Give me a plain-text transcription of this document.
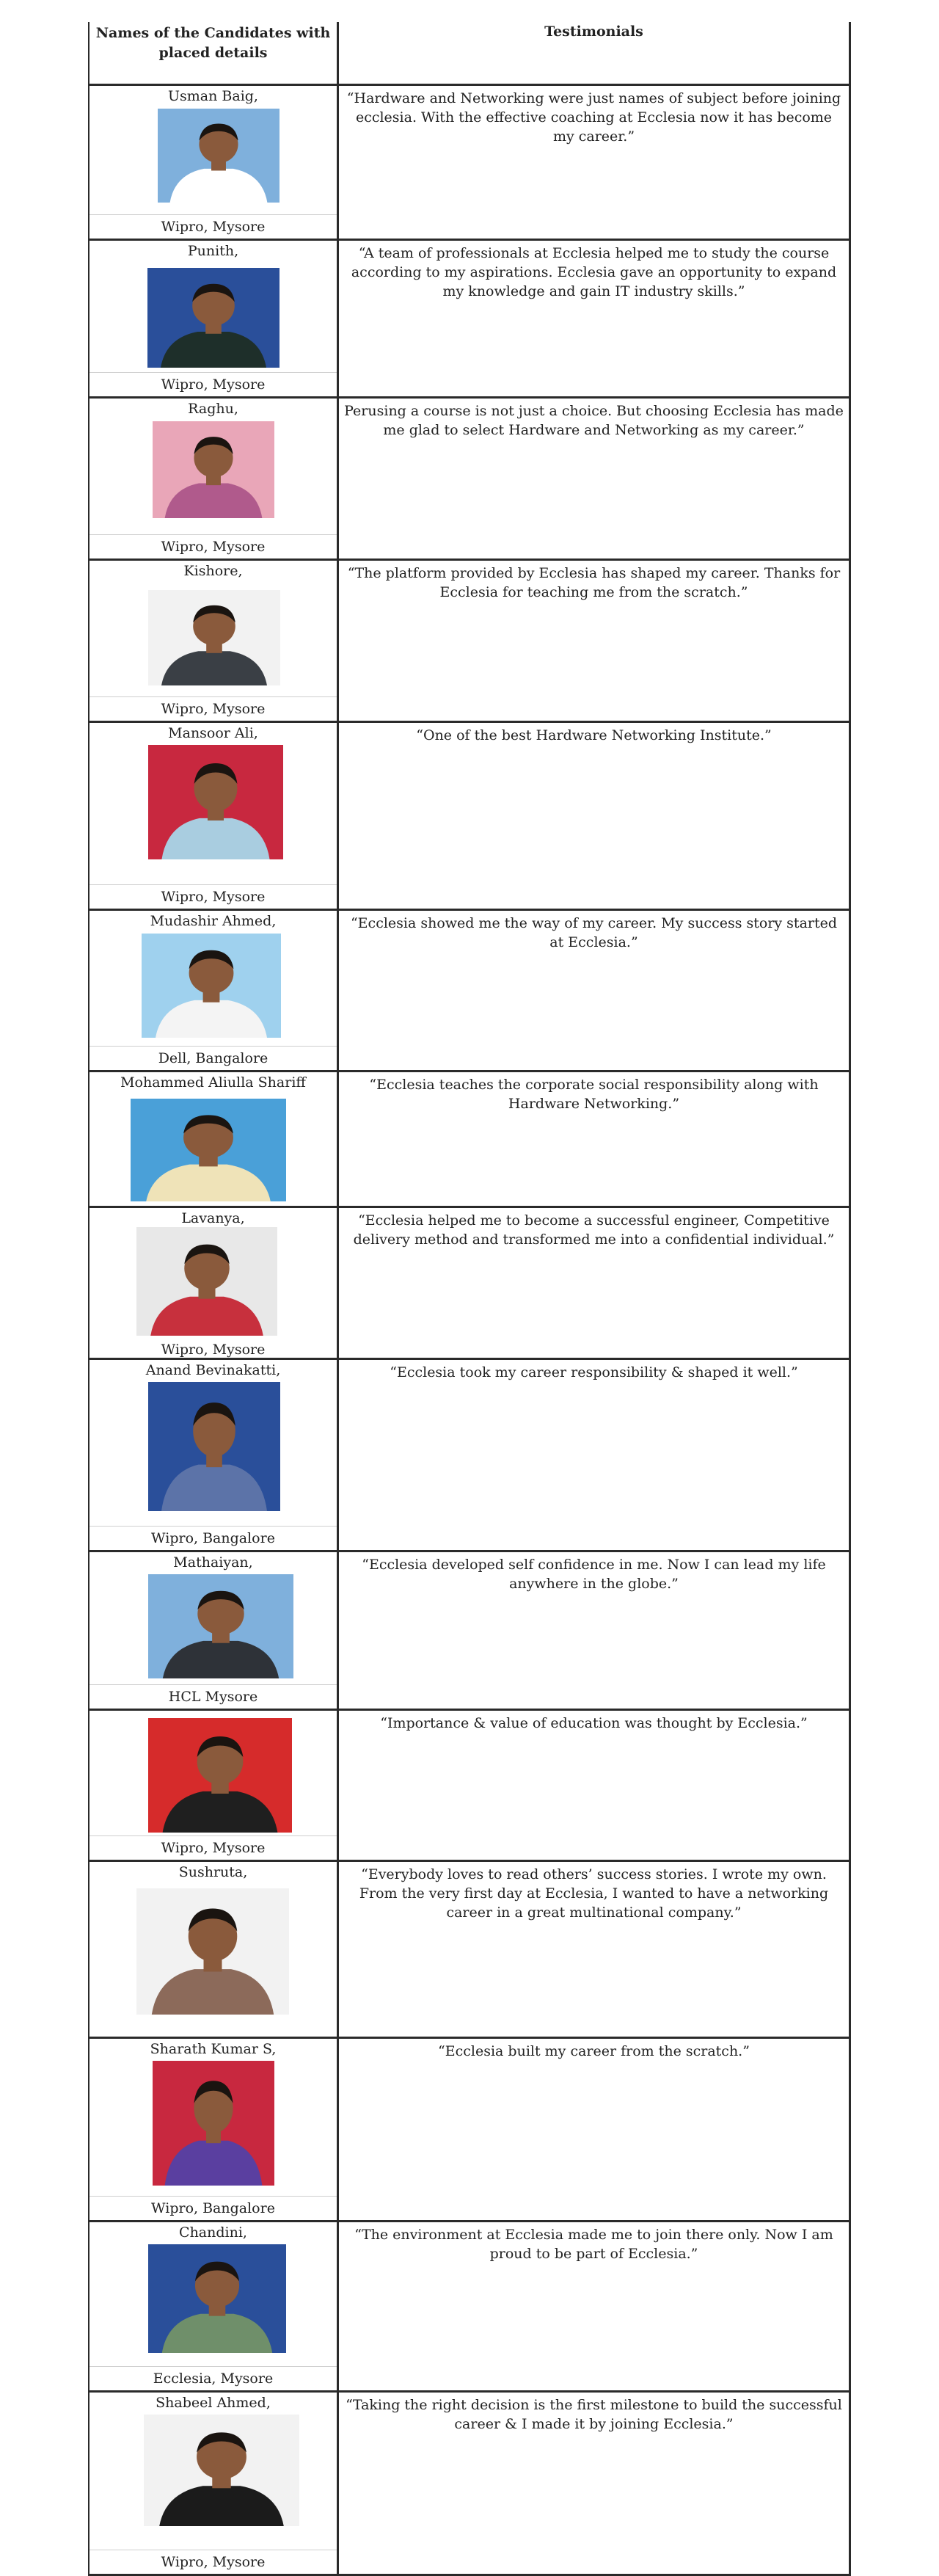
Names of the Candidates with placed details
Testimonials
Usman Baig,
Wipro, Mysore
“Hardware and Networking were just names of subject before joining ecclesia. With the effective coaching at Ecclesia now it has become my career.”
Punith,
Wipro, Mysore
“A team of professionals at Ecclesia helped me to study the course according to my aspirations. Ecclesia gave an opportunity to expand my knowledge and gain IT industry skills.”
Raghu,
Wipro, Mysore
Perusing a course is not just a choice. But choosing Ecclesia has made me glad to select Hardware and Networking as my career.”
Kishore,
Wipro, Mysore
“The platform provided by Ecclesia has shaped my career. Thanks for Ecclesia for teaching me from the scratch.”
Mansoor Ali,
Wipro, Mysore
“One of the best Hardware Networking Institute.”
Mudashir Ahmed,
Dell, Bangalore
“Ecclesia showed me the way of my career. My success story started at Ecclesia.”
Mohammed Aliulla Shariff	“Ecclesia teaches the corporate social responsibility along with Hardware Networking.”
Lavanya,
Wipro, Mysore
“Ecclesia helped me to become a successful engineer, Competitive delivery method and transformed me into a confidential individual.”
Anand Bevinakatti,
Wipro, Bangalore
“Ecclesia took my career responsibility & shaped it well.”
Mathaiyan,
HCL Mysore
“Ecclesia developed self confidence in me. Now I can lead my life anywhere in the globe.”
Wipro, Mysore
“Importance & value of education was thought by Ecclesia.”
Sushruta,	“Everybody loves to read others’ success stories. I wrote my own. From the very first day at Ecclesia, I wanted to have a networking career in a great multinational company.”
Sharath Kumar S,
Wipro, Bangalore
“Ecclesia built my career from the scratch.”
Chandini,
Ecclesia, Mysore
“The environment at Ecclesia made me to join there only. Now I am proud to be part of Ecclesia.”
Shabeel Ahmed,
Wipro, Mysore
“Taking the right decision is the first milestone to build the successful career & I made it by joining Ecclesia.”
